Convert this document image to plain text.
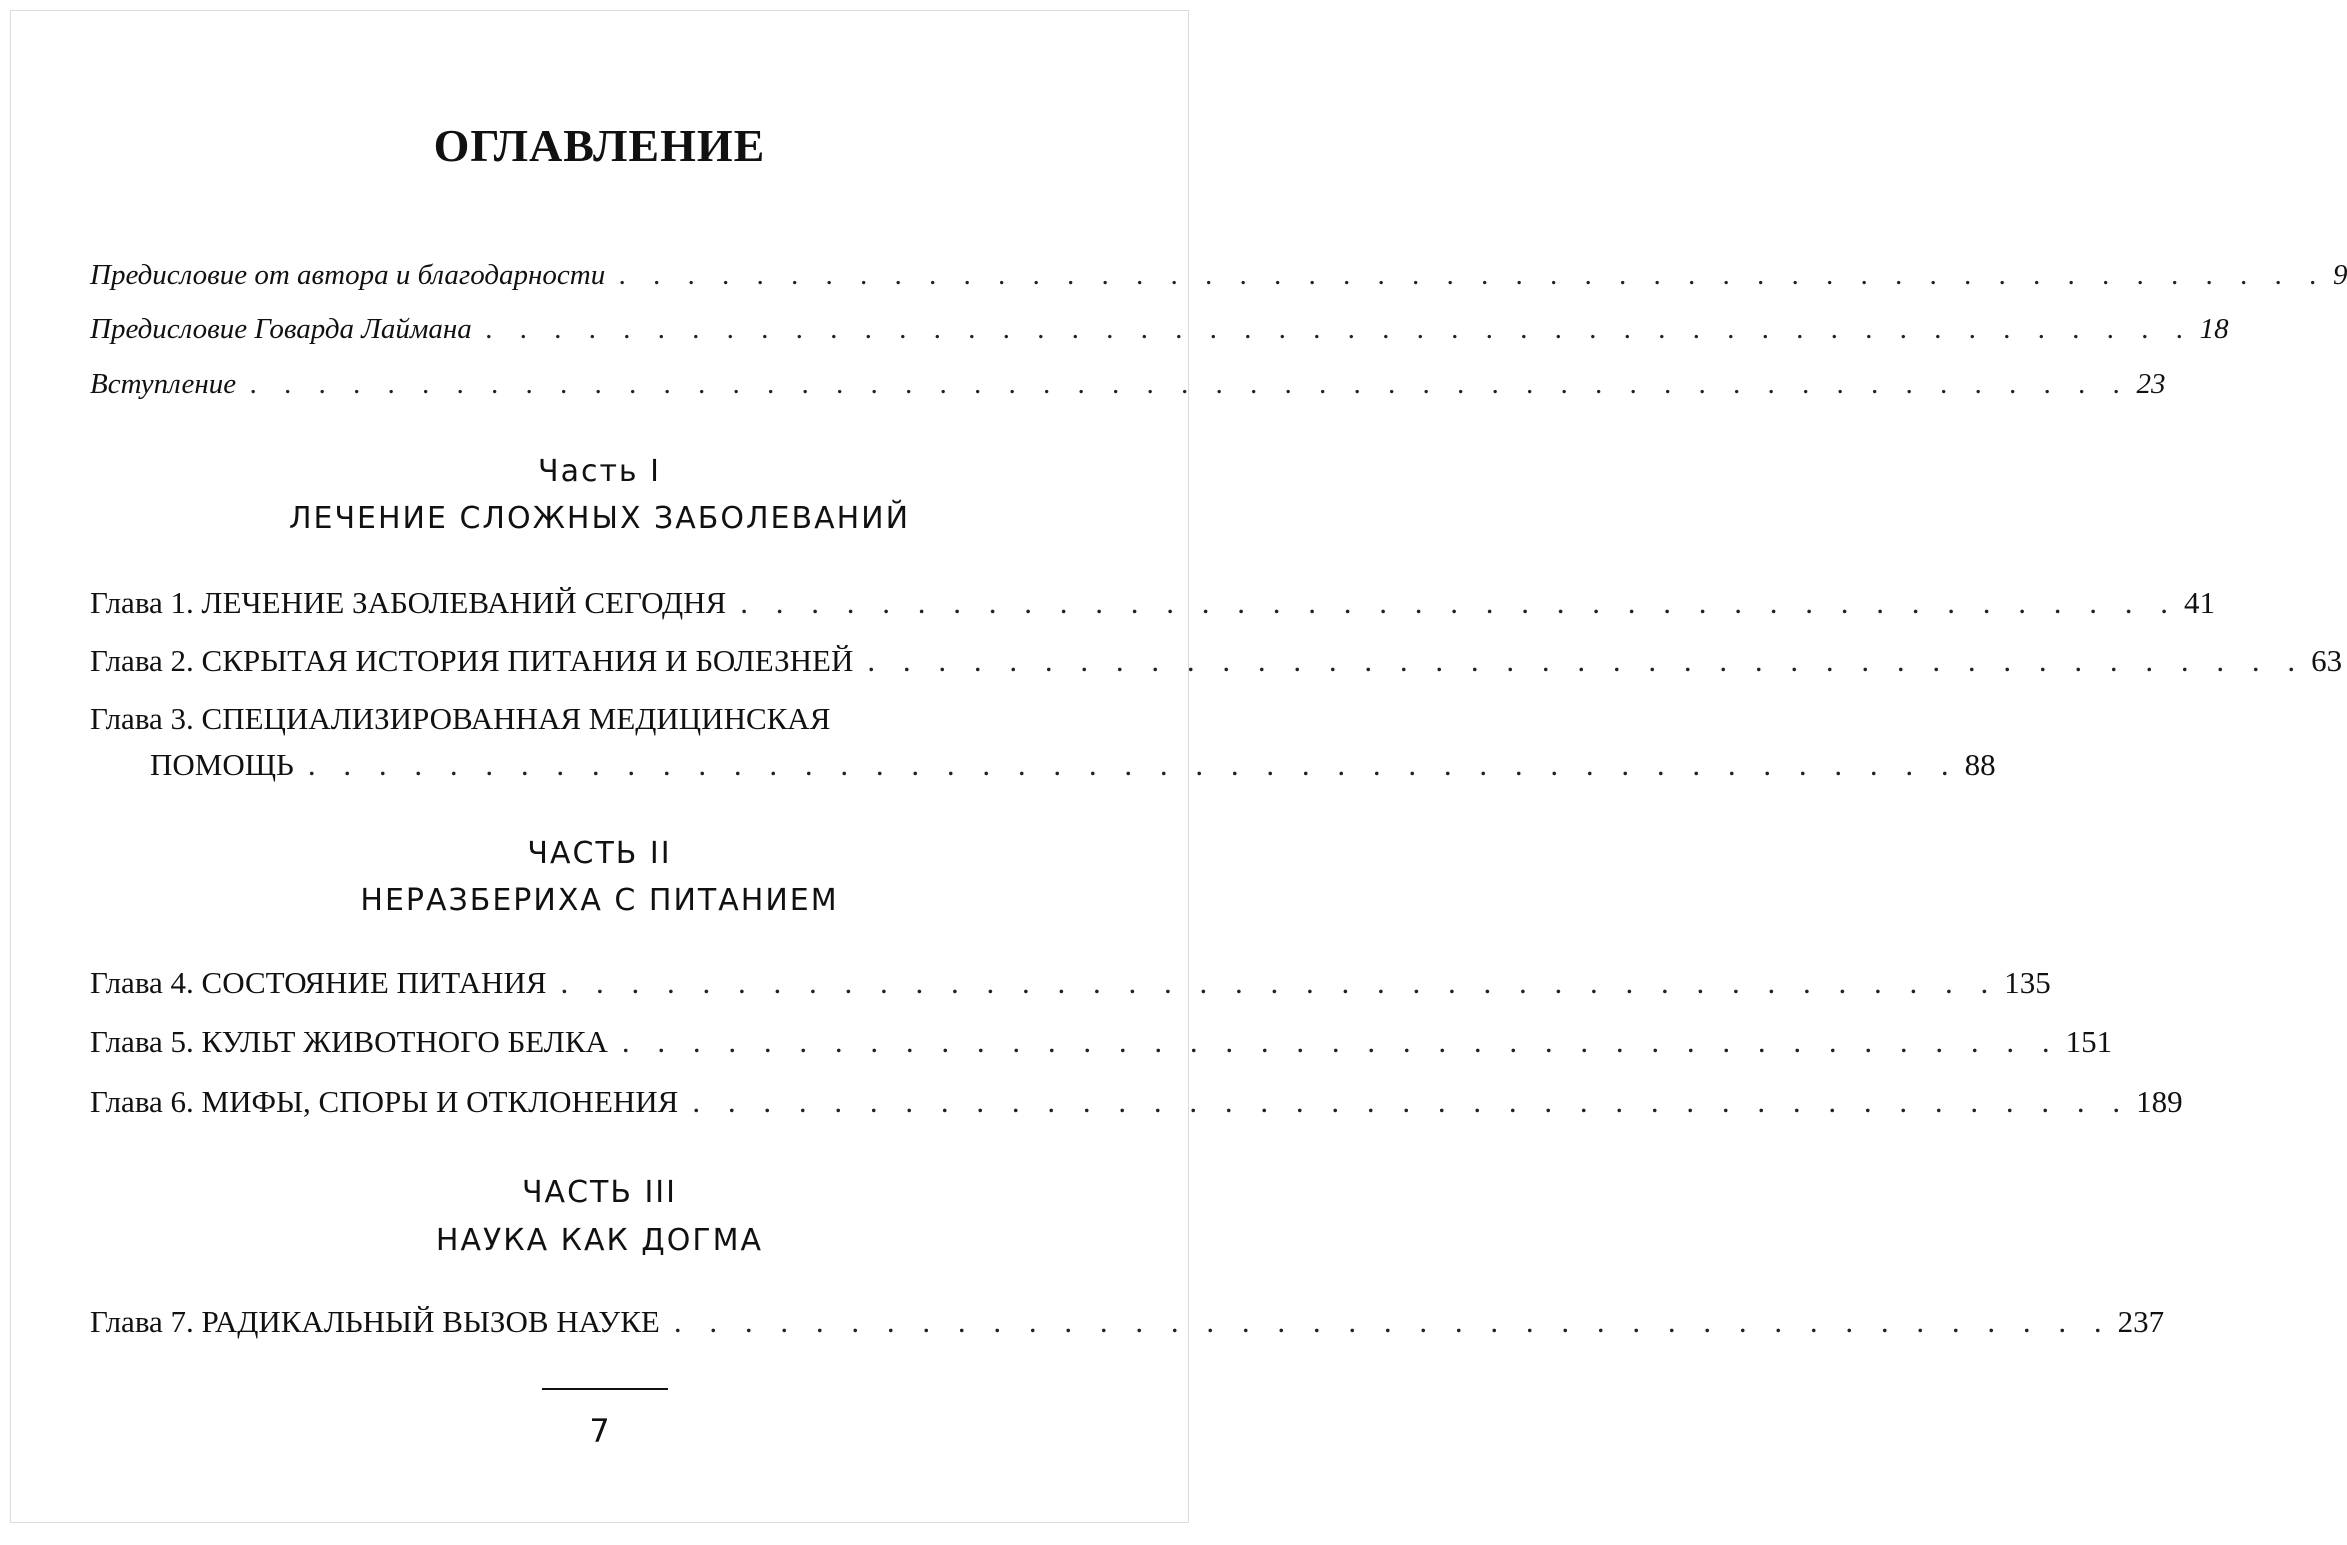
ОГЛАВЛЕНИЕ
Предисловие от автора и благодарности . . . . . . . . . . . . . . . . . . . . . . . . . . . . . . . . . . . . . . . . . . . . . . . . . . 9
Предисловие Говарда Лаймана . . . . . . . . . . . . . . . . . . . . . . . . . . . . . . . . . . . . . . . . . . . . . . . . . . 18
Вступление . . . . . . . . . . . . . . . . . . . . . . . . . . . . . . . . . . . . . . . . . . . . . . . . . . . . . . . 23
Часть I
ЛЕЧЕНИЕ СЛОЖНЫХ ЗАБОЛЕВАНИЙ
Глава 1. ЛЕЧЕНИЕ ЗАБОЛЕВАНИЙ СЕГОДНЯ . . . . . . . . . . . . . . . . . . . . . . . . . . . . . . . . . . . . . . . . . 41
Глава 2. СКРЫТАЯ ИСТОРИЯ ПИТАНИЯ И БОЛЕЗНЕЙ . . . . . . . . . . . . . . . . . . . . . . . . . . . . . . . . . . . . . . . . . 63
Глава 3. СПЕЦИАЛИЗИРОВАННАЯ МЕДИЦИНСКАЯ
ПОМОЩЬ . . . . . . . . . . . . . . . . . . . . . . . . . . . . . . . . . . . . . . . . . . . . . . . 88
ЧАСТЬ II
НЕРАЗБЕРИХА С ПИТАНИЕМ
Глава 4. СОСТОЯНИЕ ПИТАНИЯ . . . . . . . . . . . . . . . . . . . . . . . . . . . . . . . . . . . . . . . . . 135
Глава 5. КУЛЬТ ЖИВОТНОГО БЕЛКА . . . . . . . . . . . . . . . . . . . . . . . . . . . . . . . . . . . . . . . . . 151
Глава 6. МИФЫ, СПОРЫ И ОТКЛОНЕНИЯ . . . . . . . . . . . . . . . . . . . . . . . . . . . . . . . . . . . . . . . . . 189
ЧАСТЬ III
НАУКА КАК ДОГМА
Глава 7. РАДИКАЛЬНЫЙ ВЫЗОВ НАУКЕ . . . . . . . . . . . . . . . . . . . . . . . . . . . . . . . . . . . . . . . . . 237
7
